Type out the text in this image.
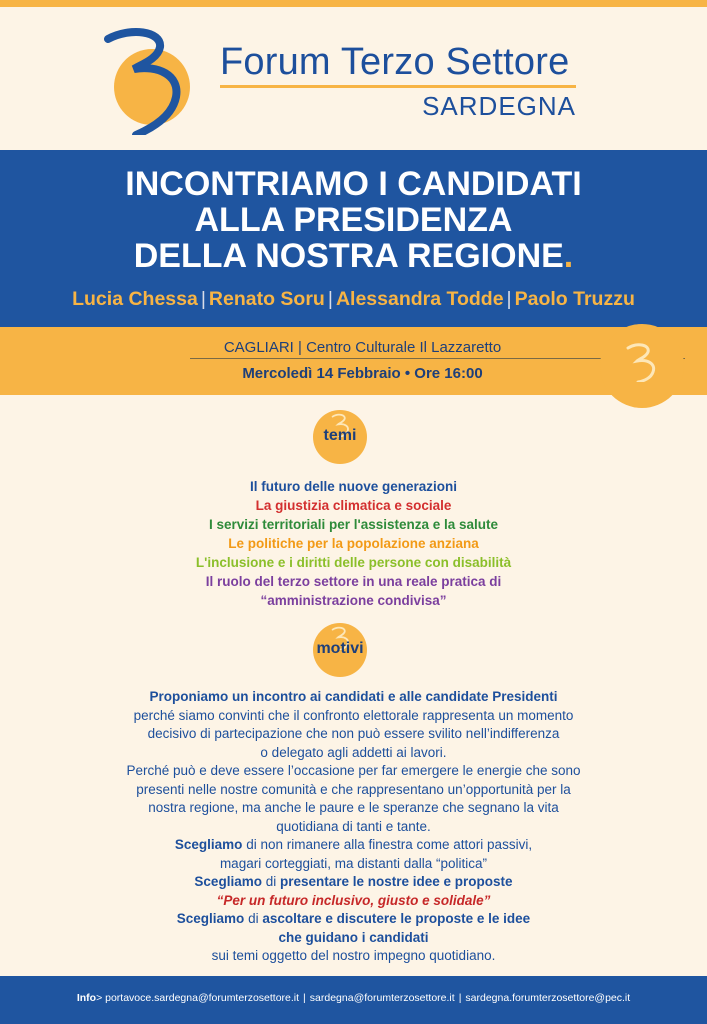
Forum Terzo Settore
SARDEGNA
INCONTRIAMO I CANDIDATI
ALLA PRESIDENZA
DELLA NOSTRA REGIONE.
Lucia Chessa | Renato Soru | Alessandra Todde | Paolo Truzzu
CAGLIARI | Centro Culturale Il Lazzaretto
Mercoledì 14 Febbraio • Ore 16:00
temi
Il futuro delle nuove generazioni
La giustizia climatica e sociale
I servizi territoriali per l'assistenza e la salute
Le politiche per la popolazione anziana
L'inclusione e i diritti delle persone con disabilità
Il ruolo del terzo settore in una reale pratica di
“amministrazione condivisa”
motivi
Proponiamo un incontro ai candidati e alle candidate Presidenti
perché siamo convinti che il confronto elettorale rappresenta un momento
decisivo di partecipazione che non può essere svilito nell’indifferenza
o delegato agli addetti ai lavori.
Perché può e deve essere l’occasione per far emergere le energie che sono
presenti nelle nostre comunità e che rappresentano un’opportunità per la
nostra regione, ma anche le paure e le speranze che segnano la vita
quotidiana di tanti e tante.
Scegliamo di non rimanere alla finestra come attori passivi,
magari corteggiati, ma distanti dalla “politica”
Scegliamo di presentare le nostre idee e proposte
“Per un futuro inclusivo, giusto e solidale”
Scegliamo di ascoltare e discutere le proposte e le idee
che guidano i candidati
sui temi oggetto del nostro impegno quotidiano.
Info> portavoce.sardegna@forumterzosettore.it | sardegna@forumterzosettore.it | sardegna.forumterzosettore@pec.it
